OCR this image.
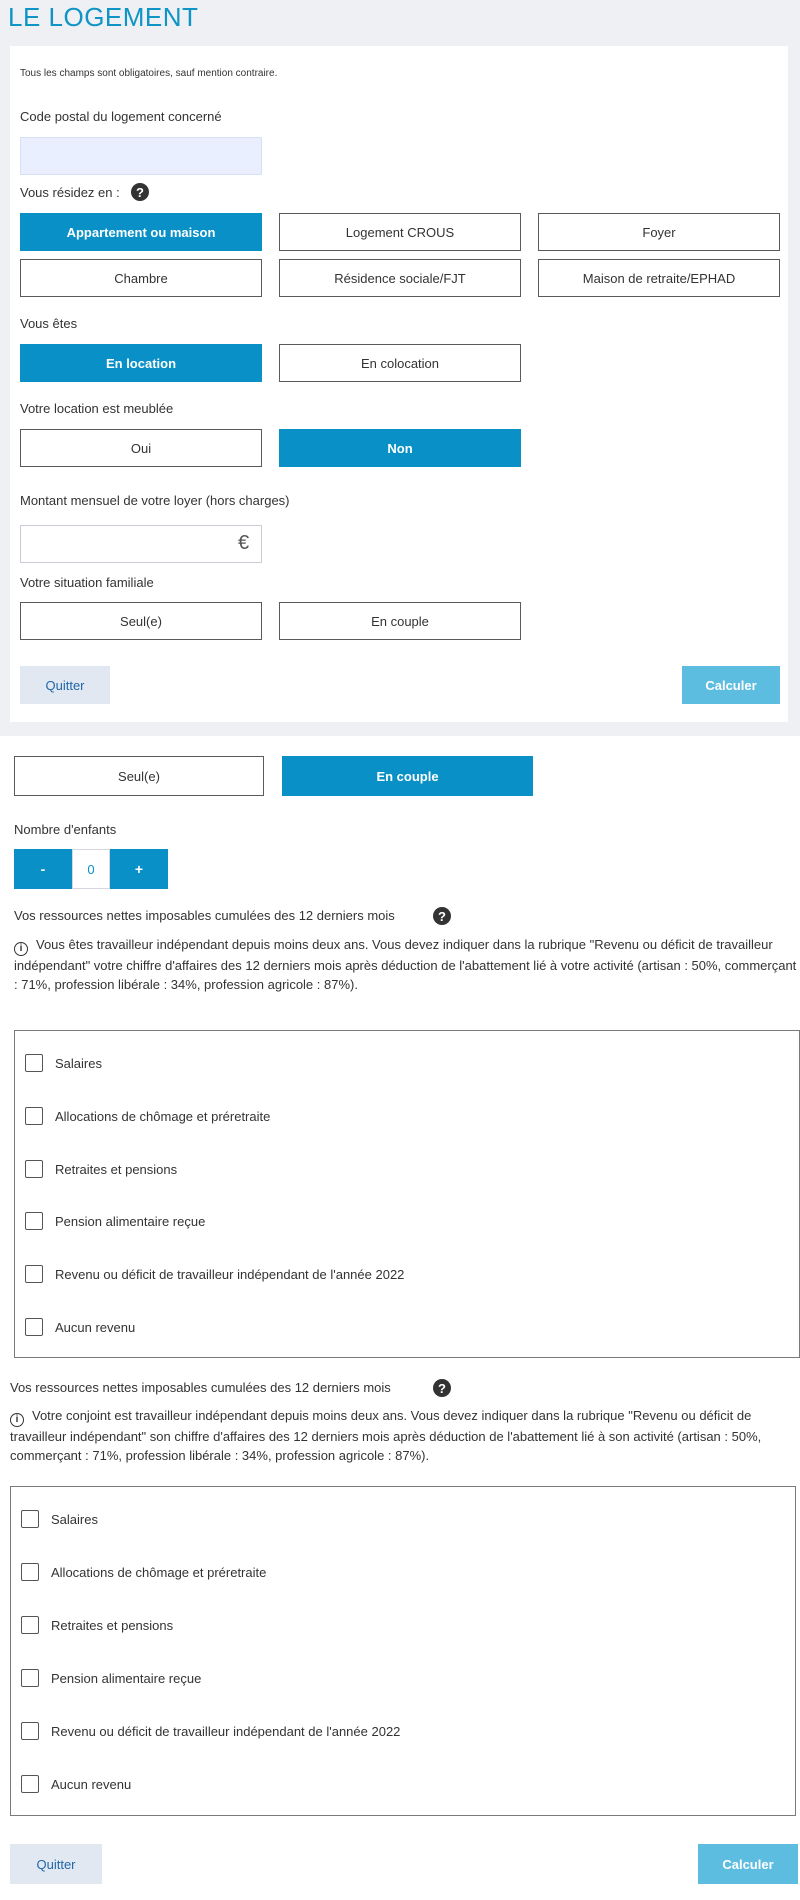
LE LOGEMENT
Tous les champs sont obligatoires, sauf mention contraire.
Code postal du logement concerné
Vous résidez en :	?
Appartement ou maison	Logement CROUS	Foyer
Chambre	Résidence sociale/FJT	Maison de retraite/EPHAD
Vous êtes
En location	En colocation
Votre location est meublée
Oui	Non
Montant mensuel de votre loyer (hors charges)
€
Votre situation familiale
Seul(e)	En couple
Quitter	Calculer
Seul(e)	En couple
Nombre d'enfants
-	0	+
Vos ressources nettes imposables cumulées des 12 derniers mois	?
i Vous êtes travailleur indépendant depuis moins deux ans. Vous devez indiquer dans la rubrique "Revenu ou déficit de travailleur indépendant" votre chiffre d'affaires des 12 derniers mois après déduction de l'abattement lié à votre activité (artisan : 50%, commerçant : 71%, profession libérale : 34%, profession agricole : 87%).
Salaires
Allocations de chômage et préretraite
Retraites et pensions
Pension alimentaire reçue
Revenu ou déficit de travailleur indépendant de l'année 2022
Aucun revenu
Vos ressources nettes imposables cumulées des 12 derniers mois	?
i Votre conjoint est travailleur indépendant depuis moins deux ans. Vous devez indiquer dans la rubrique "Revenu ou déficit de travailleur indépendant" son chiffre d'affaires des 12 derniers mois après déduction de l'abattement lié à son activité (artisan : 50%, commerçant : 71%, profession libérale : 34%, profession agricole : 87%).
Salaires
Allocations de chômage et préretraite
Retraites et pensions
Pension alimentaire reçue
Revenu ou déficit de travailleur indépendant de l'année 2022
Aucun revenu
Quitter	Calculer
